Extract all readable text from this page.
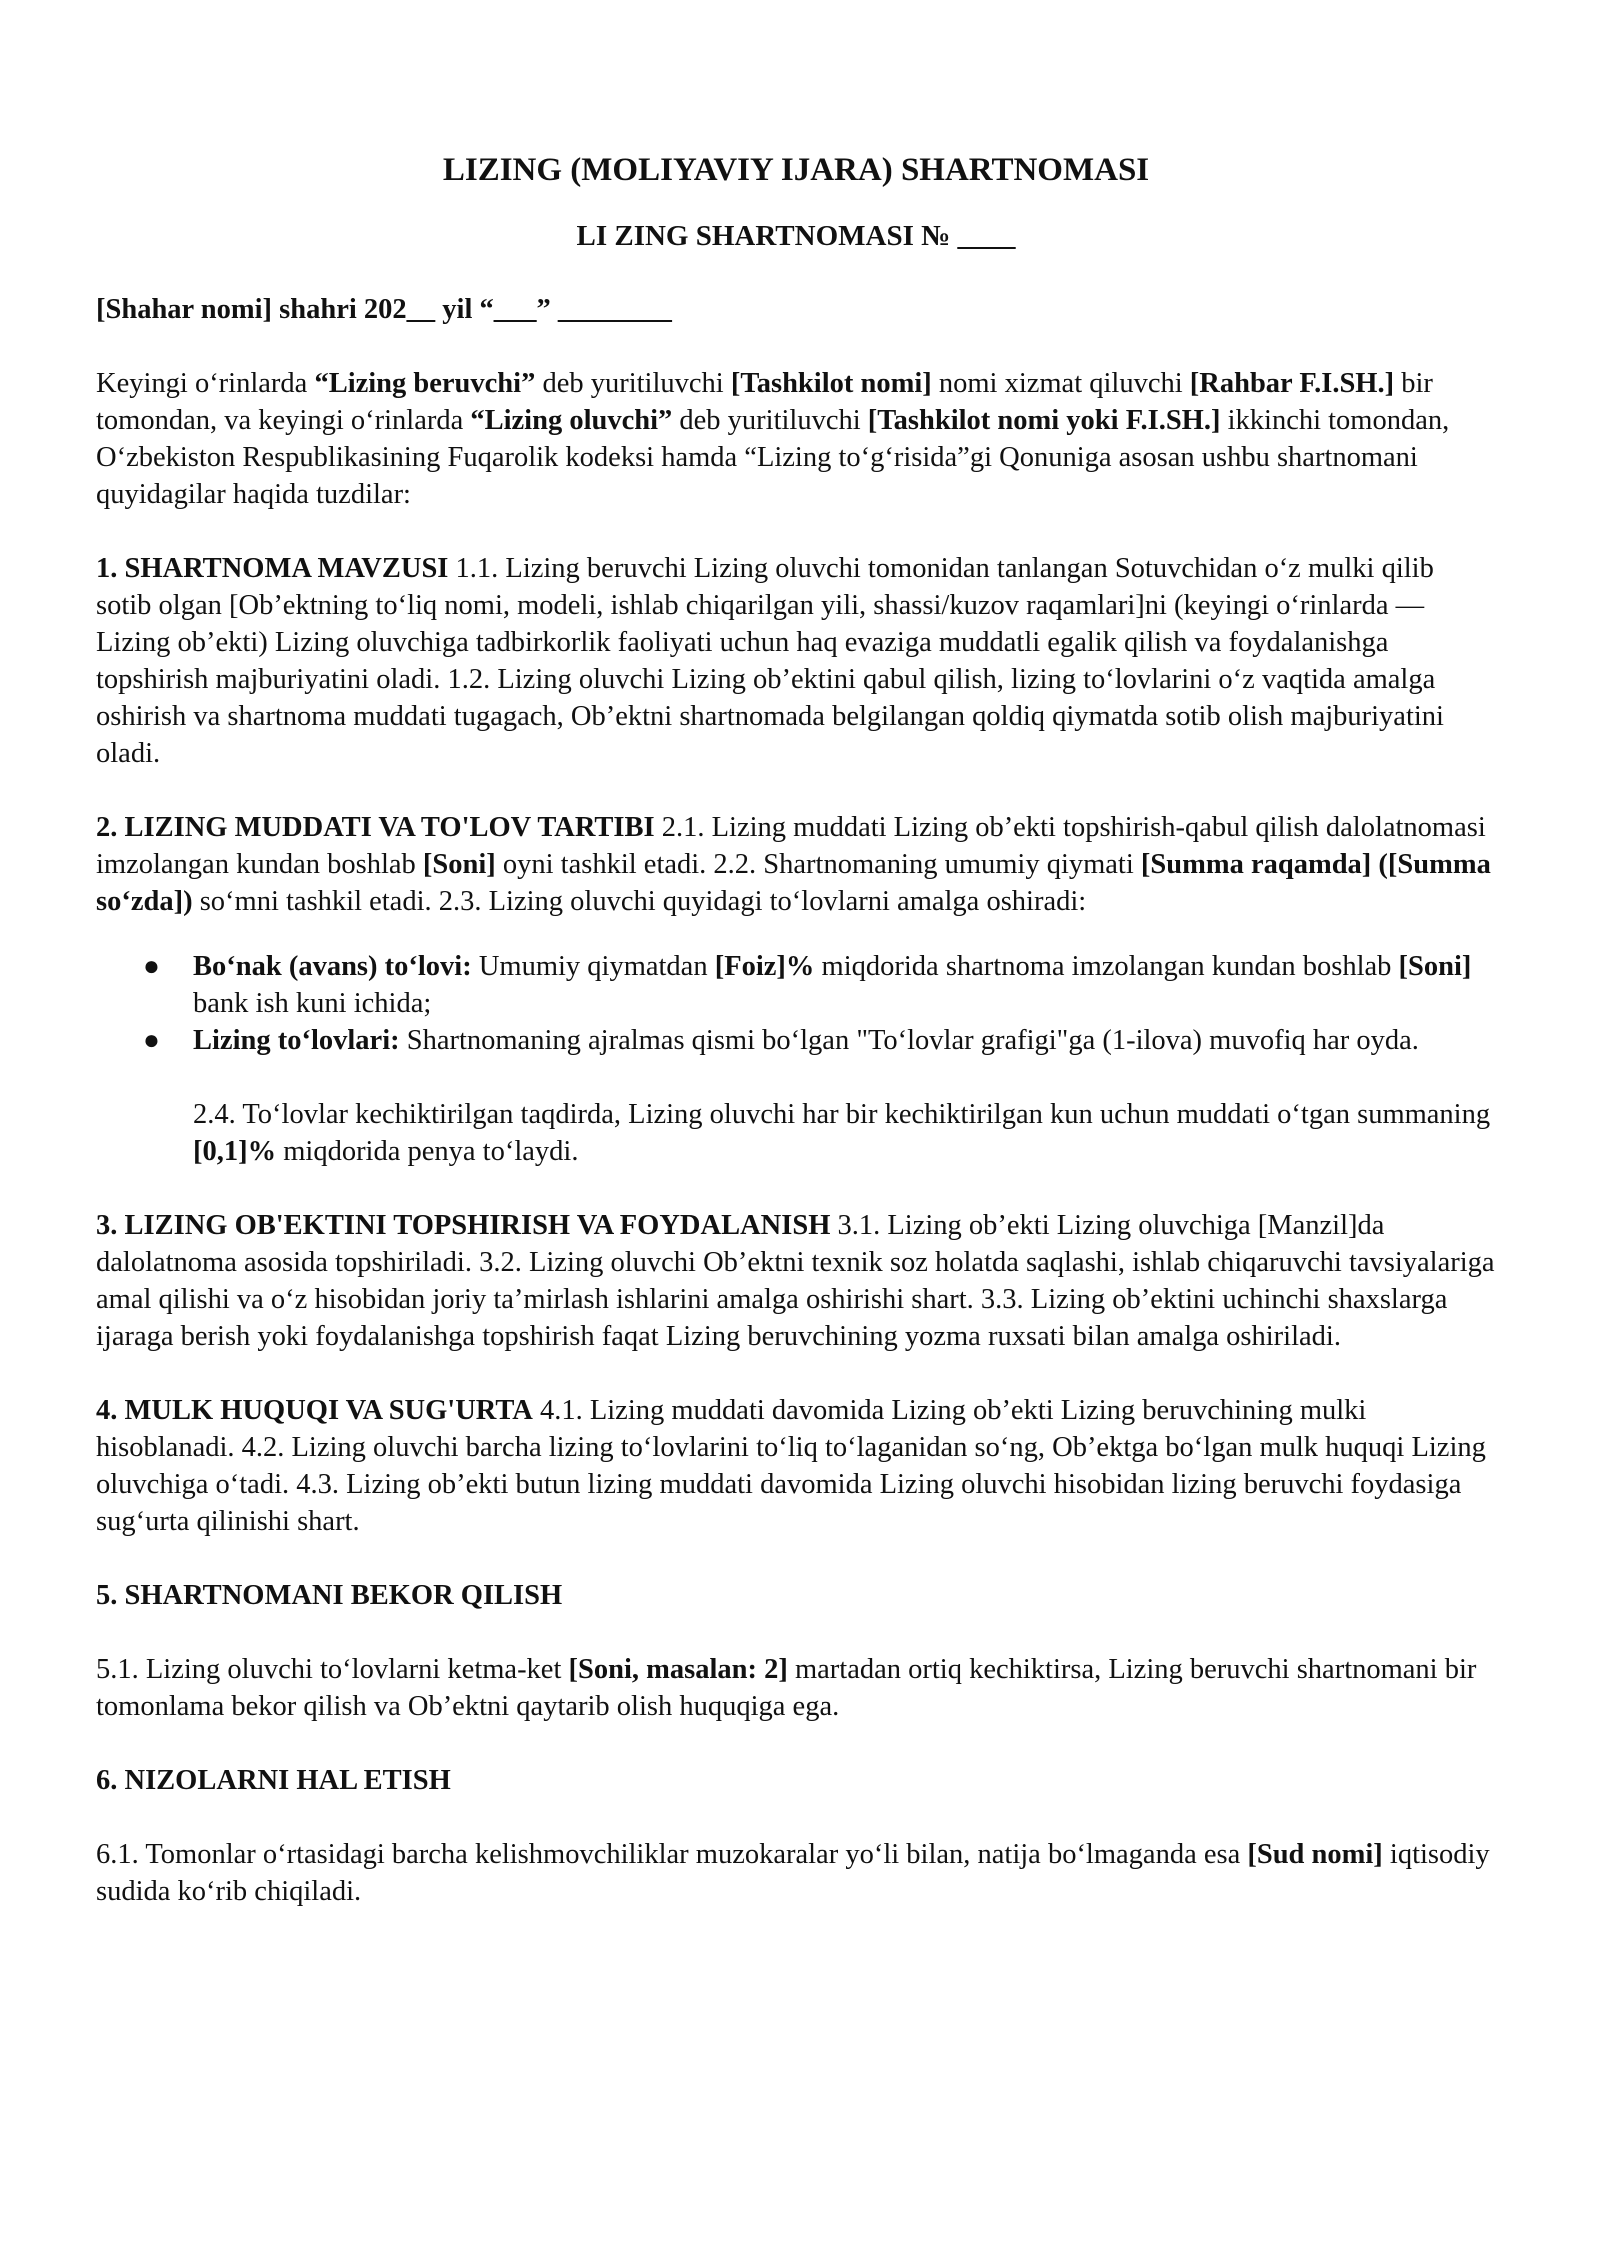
LIZING (MOLIYAVIY IJARA) SHARTNOMASI
LI ZING SHARTNOMASI № ____
[Shahar nomi] shahri 202__ yil “___” ________

Keyingi o‘rinlarda “Lizing beruvchi” deb yuritiluvchi [Tashkilot nomi] nomi xizmat qiluvchi [Rahbar F.I.SH.] bir tomondan, va keyingi o‘rinlarda “Lizing oluvchi” deb yuritiluvchi [Tashkilot nomi yoki F.I.SH.] ikkinchi tomondan, O‘zbekiston Respublikasining Fuqarolik kodeksi hamda “Lizing to‘g‘risida”gi Qonuniga asosan ushbu shartnomani quyidagilar haqida tuzdilar:

1. SHARTNOMA MAVZUSI 1.1. Lizing beruvchi Lizing oluvchi tomonidan tanlangan Sotuvchidan o‘z mulki qilib sotib olgan [Ob’ektning to‘liq nomi, modeli, ishlab chiqarilgan yili, shassi/kuzov raqamlari]ni (keyingi o‘rinlarda — Lizing ob’ekti) Lizing oluvchiga tadbirkorlik faoliyati uchun haq evaziga muddatli egalik qilish va foydalanishga topshirish majburiyatini oladi. 1.2. Lizing oluvchi Lizing ob’ektini qabul qilish, lizing to‘lovlarini o‘z vaqtida amalga oshirish va shartnoma muddati tugagach, Ob’ektni shartnomada belgilangan qoldiq qiymatda sotib olish majburiyatini oladi.

2. LIZING MUDDATI VA TO'LOV TARTIBI 2.1. Lizing muddati Lizing ob’ekti topshirish-qabul qilish dalolatnomasi imzolangan kundan boshlab [Soni] oyni tashkil etadi. 2.2. Shartnomaning umumiy qiymati [Summa raqamda] ([Summa so‘zda]) so‘mni tashkil etadi. 2.3. Lizing oluvchi quyidagi to‘lovlarni amalga oshiradi:

● Bo‘nak (avans) to‘lovi: Umumiy qiymatdan [Foiz]% miqdorida shartnoma imzolangan kundan boshlab [Soni] bank ish kuni ichida;
● Lizing to‘lovlari: Shartnomaning ajralmas qismi bo‘lgan "To‘lovlar grafigi"ga (1-ilova) muvofiq har oyda.

2.4. To‘lovlar kechiktirilgan taqdirda, Lizing oluvchi har bir kechiktirilgan kun uchun muddati o‘tgan summaning [0,1]% miqdorida penya to‘laydi.

3. LIZING OB'EKTINI TOPSHIRISH VA FOYDALANISH 3.1. Lizing ob’ekti Lizing oluvchiga [Manzil]da dalolatnoma asosida topshiriladi. 3.2. Lizing oluvchi Ob’ektni texnik soz holatda saqlashi, ishlab chiqaruvchi tavsiyalariga amal qilishi va o‘z hisobidan joriy ta’mirlash ishlarini amalga oshirishi shart. 3.3. Lizing ob’ektini uchinchi shaxslarga ijaraga berish yoki foydalanishga topshirish faqat Lizing beruvchining yozma ruxsati bilan amalga oshiriladi.

4. MULK HUQUQI VA SUG'URTA 4.1. Lizing muddati davomida Lizing ob’ekti Lizing beruvchining mulki hisoblanadi. 4.2. Lizing oluvchi barcha lizing to‘lovlarini to‘liq to‘laganidan so‘ng, Ob’ektga bo‘lgan mulk huquqi Lizing oluvchiga o‘tadi. 4.3. Lizing ob’ekti butun lizing muddati davomida Lizing oluvchi hisobidan lizing beruvchi foydasiga sug‘urta qilinishi shart.

5. SHARTNOMANI BEKOR QILISH

5.1. Lizing oluvchi to‘lovlarni ketma-ket [Soni, masalan: 2] martadan ortiq kechiktirsa, Lizing beruvchi shartnomani bir tomonlama bekor qilish va Ob’ektni qaytarib olish huquqiga ega.

6. NIZOLARNI HAL ETISH

6.1. Tomonlar o‘rtasidagi barcha kelishmovchiliklar muzokaralar yo‘li bilan, natija bo‘lmaganda esa [Sud nomi] iqtisodiy sudida ko‘rib chiqiladi.
